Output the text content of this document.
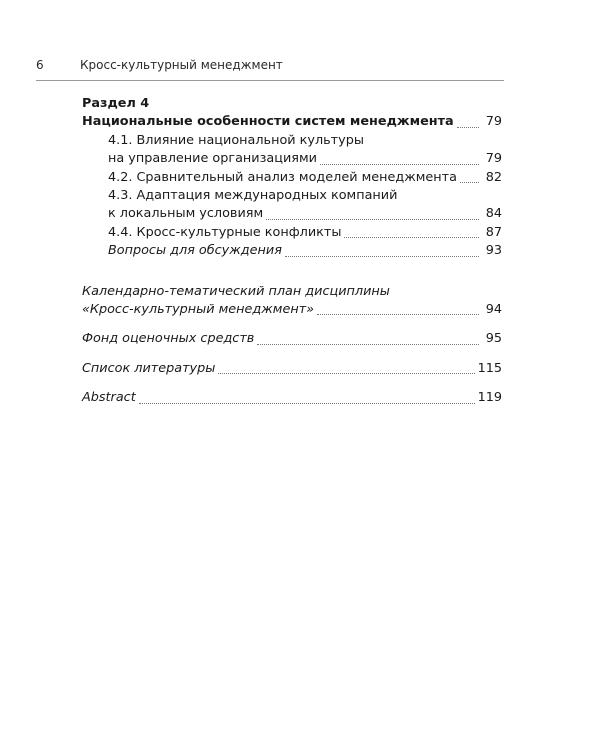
6	Кросс-культурный менеджмент
Раздел 4
Национальные особенности систем менеджмента	79
4.1. Влияние национальной культуры
на управление организациями	79
4.2. Сравнительный анализ моделей менеджмента 82
4.3. Адаптация международных компаний
к локальным условиям	84
4.4. Кросс-культурные конфликты	87
Вопросы для обсуждения	93
Календарно-тематический план дисциплины
«Кросс-культурный менеджмент»	94
Фонд оценочных средств	95
Список литературы	115
Abstract	119
